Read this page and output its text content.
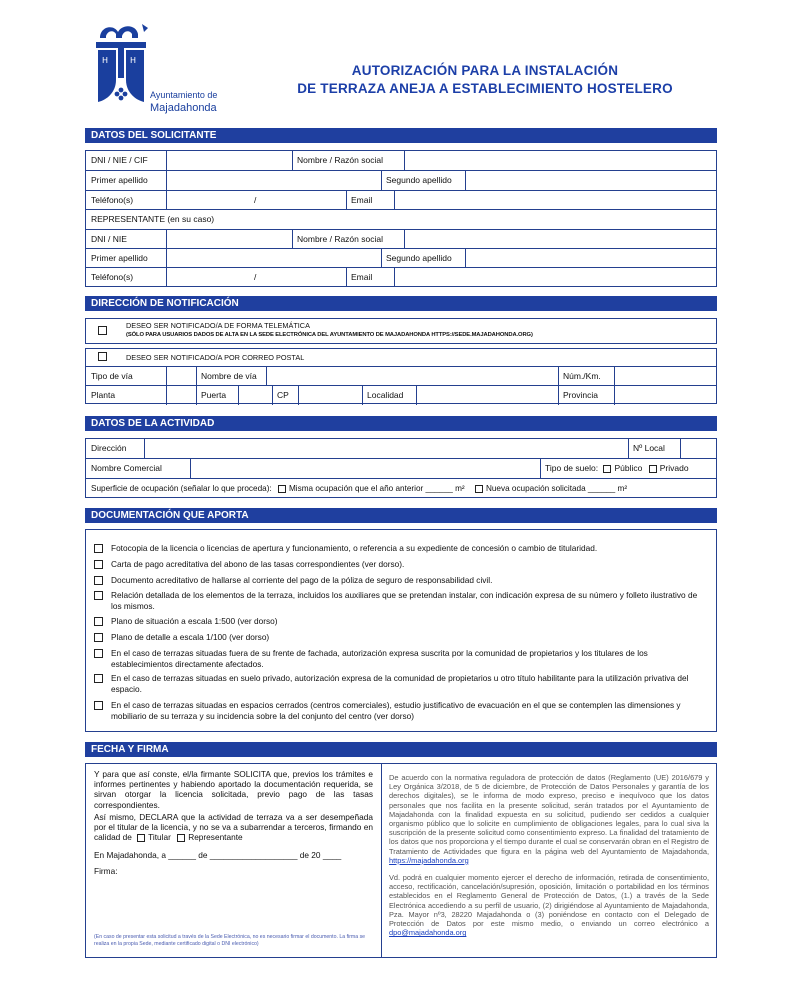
H	H
Ayuntamiento de
Majadahonda
AUTORIZACIÓN PARA LA INSTALACIÓN
DE TERRAZA ANEJA A ESTABLECIMIENTO HOSTELERO
DATOS DEL SOLICITANTE
DNI / NIE / CIF	Nombre / Razón social
Primer apellido	Segundo apellido
Teléfono(s)	/	Email
REPRESENTANTE (en su caso)
DNI / NIE	Nombre / Razón social
Primer apellido	Segundo apellido
Teléfono(s)	/	Email
DIRECCIÓN DE NOTIFICACIÓN
DESEO SER NOTIFICADO/A DE FORMA TELEMÁTICA
(SÓLO PARA USUARIOS DADOS DE ALTA EN LA SEDE ELECTRÓNICA DEL AYUNTAMIENTO DE MAJADAHONDA HTTPS://SEDE.MAJADAHONDA.ORG)
DESEO SER NOTIFICADO/A POR CORREO POSTAL
Tipo de vía	Nombre de vía	Núm./Km.
Planta	Puerta	CP	Localidad	Provincia
DATOS DE LA ACTIVIDAD
Dirección	Nº Local
Nombre Comercial	Tipo de suelo: Público Privado
Superficie de ocupación (señalar lo que proceda): Misma ocupación que el año anterior ______ m²	Nueva ocupación solicitada ______ m²
DOCUMENTACIÓN QUE APORTA
Fotocopia de la licencia o licencias de apertura y funcionamiento, o referencia a su expediente de concesión o cambio de titularidad.
Carta de pago acreditativa del abono de las tasas correspondientes (ver dorso).
Documento acreditativo de hallarse al corriente del pago de la póliza de seguro de responsabilidad civil.
Relación detallada de los elementos de la terraza, incluidos los auxiliares que se pretendan instalar, con indicación expresa de su número y folleto ilustrativo de los mismos.
Plano de situación a escala 1:500 (ver dorso)
Plano de detalle a escala 1/100 (ver dorso)
En el caso de terrazas situadas fuera de su frente de fachada, autorización expresa suscrita por la comunidad de propietarios y los titulares de los establecimientos directamente afectados.
En el caso de terrazas situadas en suelo privado, autorización expresa de la comunidad de propietarios u otro título habilitante para la utilización privativa del espacio.
En el caso de terrazas situadas en espacios cerrados (centros comerciales), estudio justificativo de evacuación en el que se contemplen las dimensiones y mobiliario de su terraza y su incidencia sobre la del conjunto del centro (ver dorso)
FECHA Y FIRMA

Y para que así conste, el/la firmante SOLICITA que, previos los trámites e informes pertinentes y habiendo aportado la documentación requerida, se sirvan otorgar la licencia solicitada, previo pago de las tasas correspondientes.

Así mismo, DECLARA que la actividad de terraza va a ser desempeñada por el titular de la licencia, y no se va a subarrendar a terceros, firmando en calidad de Titular Representante

En Majadahonda, a ______ de ___________________ de 20 ____

Firma:

(En caso de presentar esta solicitud a través de la Sede Electrónica, no es necesario firmar el documento. La firma se realiza en la propia Sede, mediante certificado digital o DNI electrónico)

De acuerdo con la normativa reguladora de protección de datos (Reglamento (UE) 2016/679 y Ley Orgánica 3/2018, de 5 de diciembre, de Protección de Datos Personales y garantía de los derechos digitales), se le informa de modo expreso, preciso e inequívoco que los datos personales que nos facilita en la presente solicitud, serán tratados por el Ayuntamiento de Majadahonda con la finalidad expuesta en su solicitud, pudiendo ser cedidos a cualquier organismo público que lo solicite en cumplimiento de obligaciones legales, para lo cual siva la suscripción de la presente solicitud como consentimiento expreso. La finalidad del tratamiento de los datos que nos proporciona y el tiempo durante el cual se conservarán obran en el Registro de Tratamiento de Actividades que figura en la página web del Ayuntamiento de Majadahonda, https://majadahonda.org

Vd. podrá en cualquier momento ejercer el derecho de información, retirada de consentimiento, acceso, rectificación, cancelación/supresión, oposición, limitación o portabilidad en los términos establecidos en el Reglamento General de Protección de Datos, (1.) a través de la Sede Electrónica accediendo a su perfil de usuario, (2) dirigiéndose al Ayuntamiento de Majadahonda, Pza. Mayor nº3, 28220 Majadahonda o (3) poniéndose en contacto con el Delegado de Protección de Datos por este mismo medio, o enviando un correo electrónico a dpo@majadahonda.org
